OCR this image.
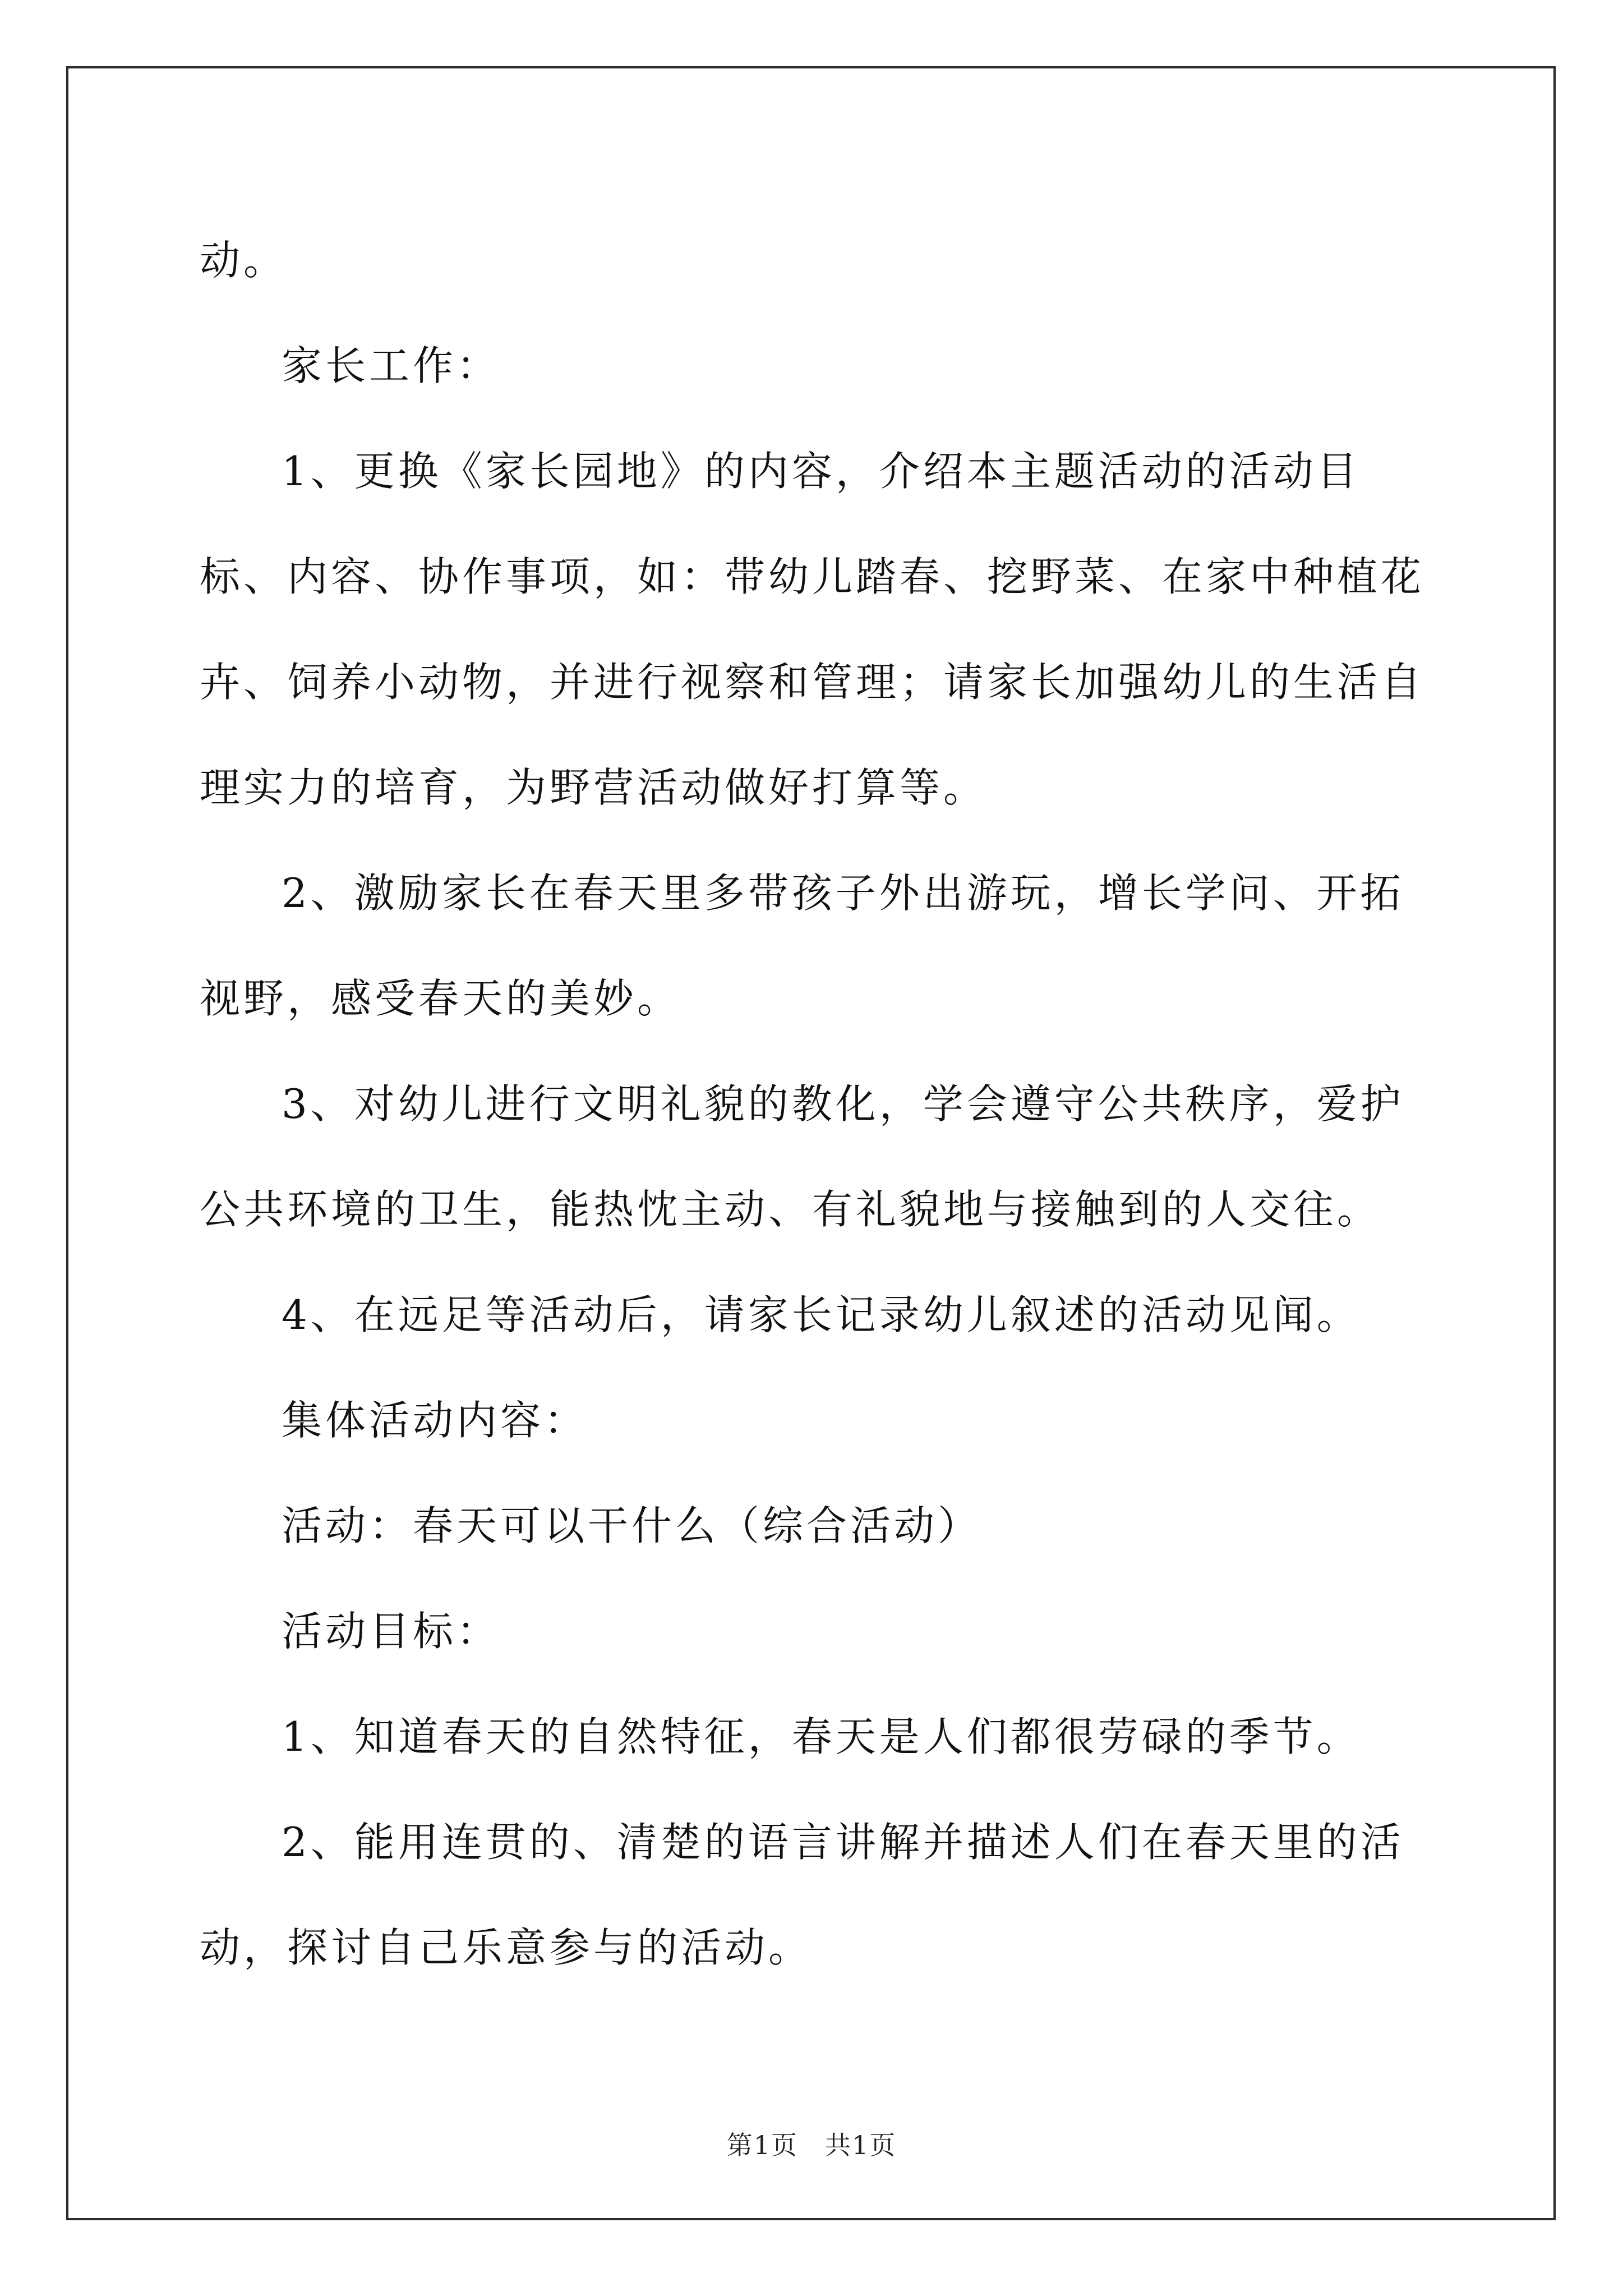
动。

家长工作：

1、更换《家长园地》的内容，介绍本主题活动的活动目标、内容、协作事项，如：带幼儿踏春、挖野菜、在家中种植花卉、饲养小动物，并进行视察和管理；请家长加强幼儿的生活自理实力的培育，为野营活动做好打算等。

2、激励家长在春天里多带孩子外出游玩，增长学问、开拓视野，感受春天的美妙。

3、对幼儿进行文明礼貌的教化，学会遵守公共秩序，爱护公共环境的卫生，能热忱主动、有礼貌地与接触到的人交往。

4、在远足等活动后，请家长记录幼儿叙述的活动见闻。

集体活动内容：

活动：春天可以干什么（综合活动）

活动目标：

1、知道春天的自然特征，春天是人们都很劳碌的季节。

2、能用连贯的、清楚的语言讲解并描述人们在春天里的活动，探讨自己乐意参与的活动。

第1页　共1页
